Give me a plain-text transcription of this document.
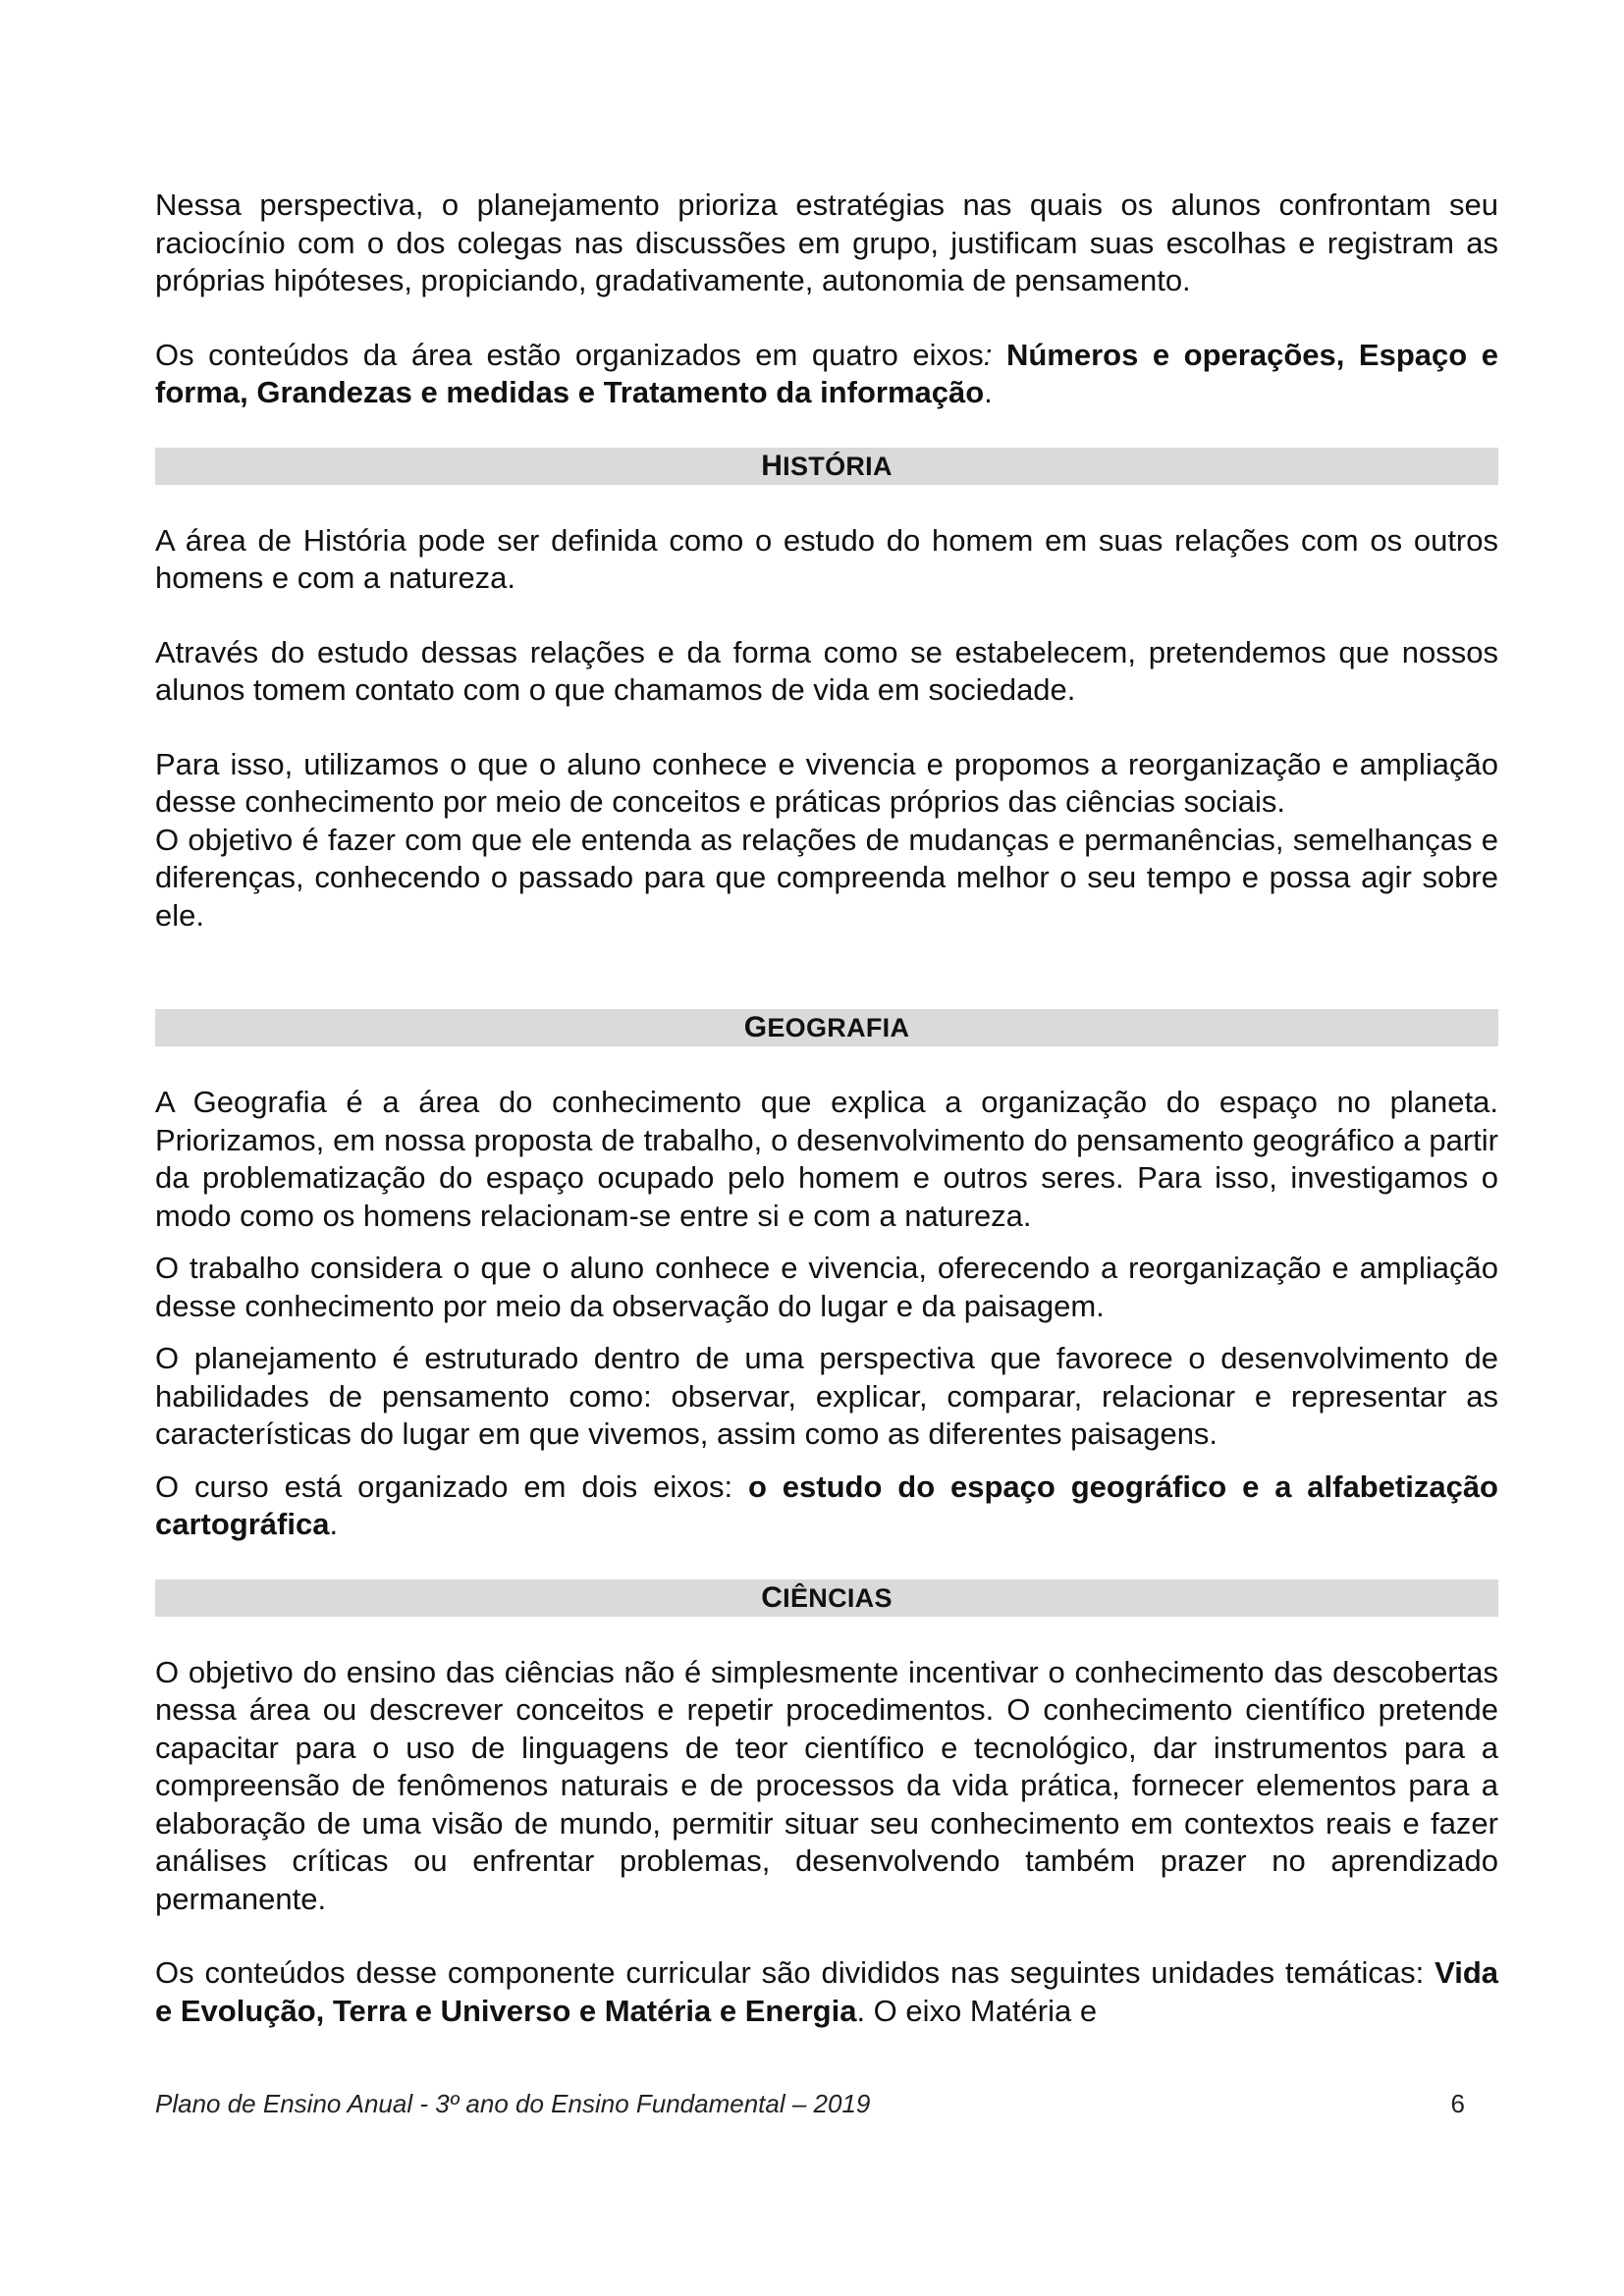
Nessa perspectiva, o planejamento prioriza estratégias nas quais os alunos confrontam seu raciocínio com o dos colegas nas discussões em grupo, justificam suas escolhas e registram as próprias hipóteses, propiciando, gradativamente, autonomia de pensamento.

Os conteúdos da área estão organizados em quatro eixos: Números e operações, Espaço e forma, Grandezas e medidas e Tratamento da informação.

HISTÓRIA

A área de História pode ser definida como o estudo do homem em suas relações com os outros homens e com a natureza.

Através do estudo dessas relações e da forma como se estabelecem, pretendemos que nossos alunos tomem contato com o que chamamos de vida em sociedade.

Para isso, utilizamos o que o aluno conhece e vivencia e propomos a reorganização e ampliação desse conhecimento por meio de conceitos e práticas próprios das ciências sociais.

O objetivo é fazer com que ele entenda as relações de mudanças e permanências, semelhanças e diferenças, conhecendo o passado para que compreenda melhor o seu tempo e possa agir sobre ele.

GEOGRAFIA

A Geografia é a área do conhecimento que explica a organização do espaço no planeta. Priorizamos, em nossa proposta de trabalho, o desenvolvimento do pensamento geográfico a partir da problematização do espaço ocupado pelo homem e outros seres. Para isso, investigamos o modo como os homens relacionam-se entre si e com a natureza.

O trabalho considera o que o aluno conhece e vivencia, oferecendo a reorganização e ampliação desse conhecimento por meio da observação do lugar e da paisagem.

O planejamento é estruturado dentro de uma perspectiva que favorece o desenvolvimento de habilidades de pensamento como: observar, explicar, comparar, relacionar e representar as características do lugar em que vivemos, assim como as diferentes paisagens.

O curso está organizado em dois eixos: o estudo do espaço geográfico e a alfabetização cartográfica.

CIÊNCIAS

O objetivo do ensino das ciências não é simplesmente incentivar o conhecimento das descobertas nessa área ou descrever conceitos e repetir procedimentos. O conhecimento científico pretende capacitar para o uso de linguagens de teor científico e tecnológico, dar instrumentos para a compreensão de fenômenos naturais e de processos da vida prática, fornecer elementos para a elaboração de uma visão de mundo, permitir situar seu conhecimento em contextos reais e fazer análises críticas ou enfrentar problemas, desenvolvendo também prazer no aprendizado permanente.

Os conteúdos desse componente curricular são divididos nas seguintes unidades temáticas: Vida e Evolução, Terra e Universo e Matéria e Energia. O eixo Matéria e

Plano de Ensino Anual - 3º ano do Ensino Fundamental – 2019	6
